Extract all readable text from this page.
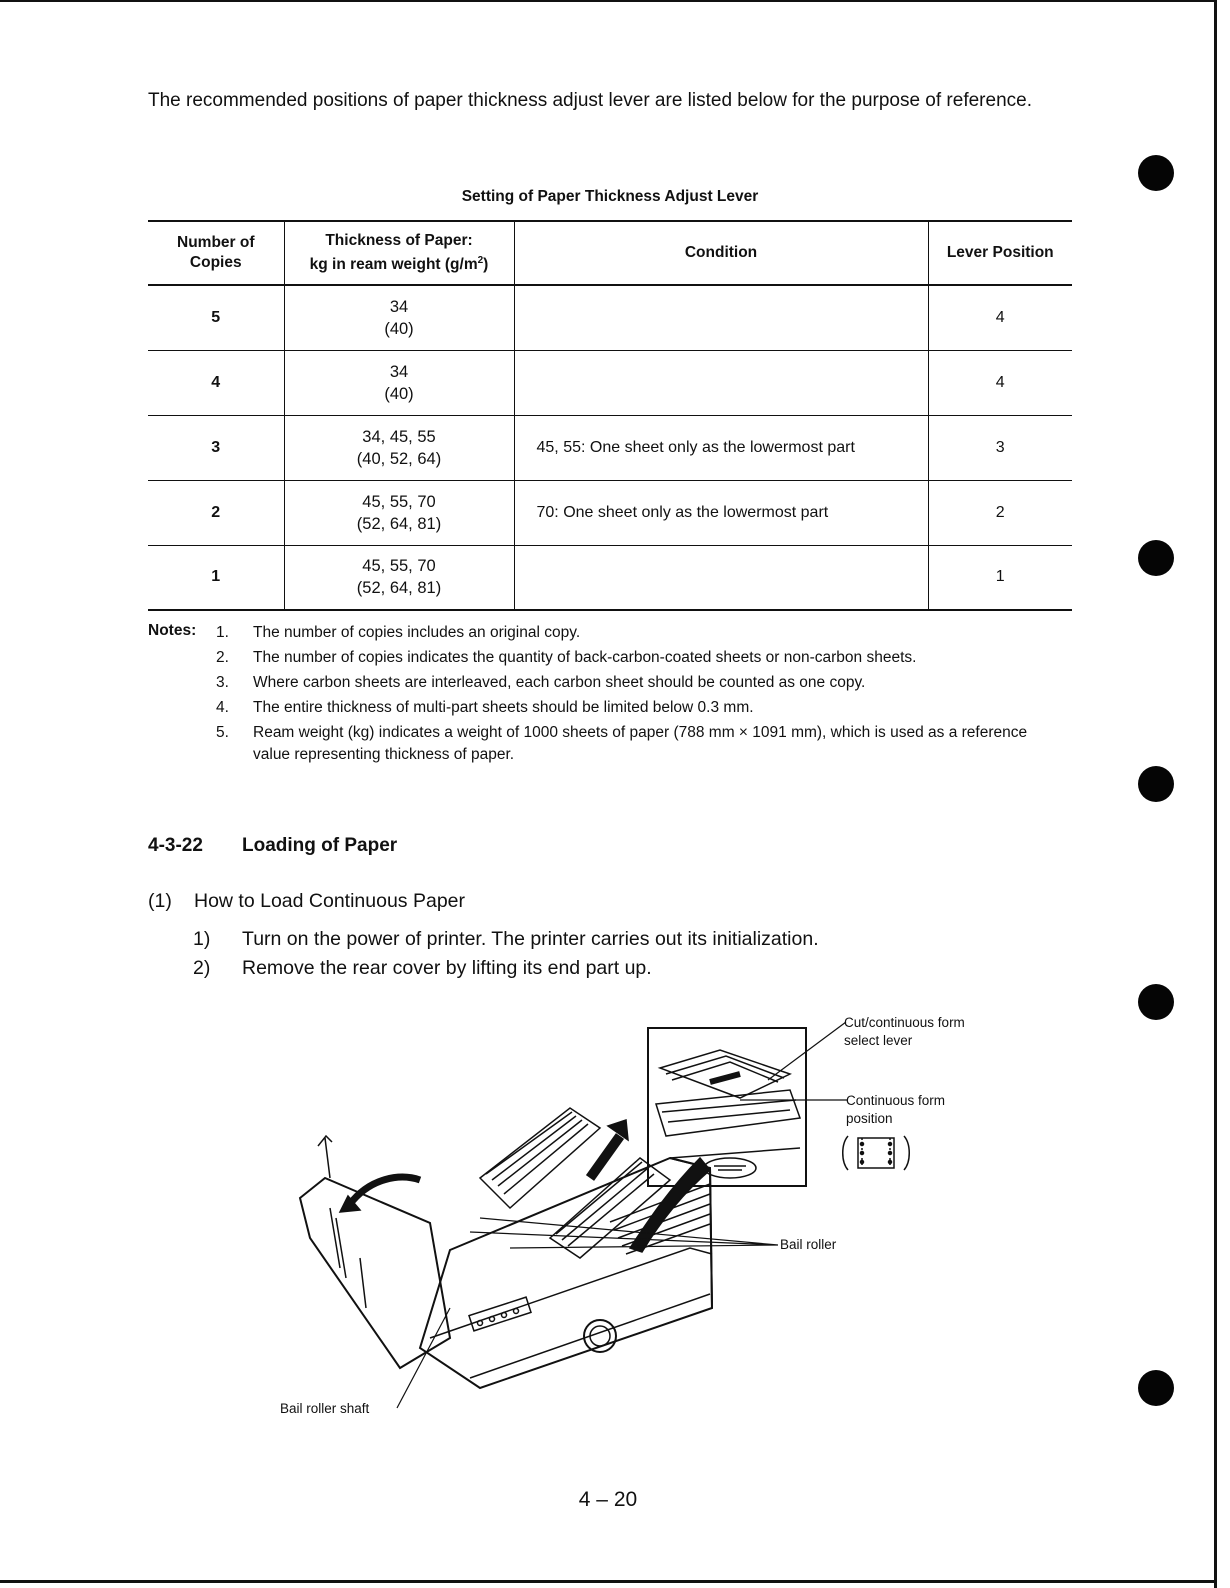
The recommended positions of paper thickness adjust lever are listed below for the purpose of reference.

Setting of Paper Thickness Adjust Lever
Number of
Copies	Thickness of Paper:
kg in ream weight $(g/m^2)$	Condition	Lever Position
5	34
(40)		4
4	34
(40)		4
3	34, 45, 55
(40, 52, 64)	45, 55: One sheet only as the lowermost part	3
2	45, 55, 70
(52, 64, 81)	70: One sheet only as the lowermost part	2
1	45, 55, 70
(52, 64, 81)		1
Notes: 1. The number of copies includes an original copy.
2. The number of copies indicates the quantity of back-carbon-coated sheets or non-carbon sheets.
3. Where carbon sheets are interleaved, each carbon sheet should be counted as one copy.
4. The entire thickness of multi-part sheets should be limited below 0.3 mm.
5. Ream weight (kg) indicates a weight of 1000 sheets of paper (788 mm × 1091 mm), which is used as a reference value representing thickness of paper.
4-3-22 Loading of Paper
(1) How to Load Continuous Paper
1) Turn on the power of printer. The printer carries out its initialization.
2) Remove the rear cover by lifting its end part up.
Cut/continuous form
select lever
Continuous form
position
Bail roller
Bail roller shaft
4 – 20
